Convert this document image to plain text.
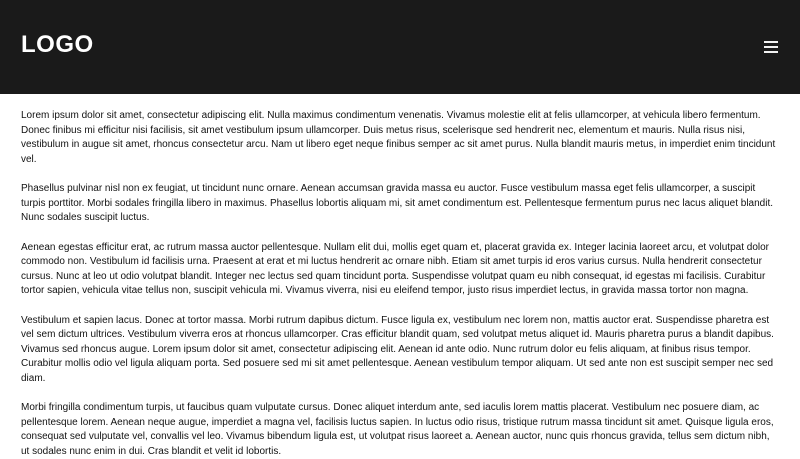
LOGO

Lorem ipsum dolor sit amet, consectetur adipiscing elit. Nulla maximus condimentum venenatis. Vivamus molestie elit at felis ullamcorper, at vehicula libero fermentum. Donec finibus mi efficitur nisi facilisis, sit amet vestibulum ipsum ullamcorper. Duis metus risus, scelerisque sed hendrerit nec, elementum et mauris. Nulla risus nisi, vestibulum in augue sit amet, rhoncus consectetur arcu. Nam ut libero eget neque finibus semper ac sit amet purus. Nulla blandit mauris metus, in imperdiet enim tincidunt vel.

Phasellus pulvinar nisl non ex feugiat, ut tincidunt nunc ornare. Aenean accumsan gravida massa eu auctor. Fusce vestibulum massa eget felis ullamcorper, a suscipit turpis porttitor. Morbi sodales fringilla libero in maximus. Phasellus lobortis aliquam mi, sit amet condimentum est. Pellentesque fermentum purus nec lacus aliquet blandit. Nunc sodales suscipit luctus.

Aenean egestas efficitur erat, ac rutrum massa auctor pellentesque. Nullam elit dui, mollis eget quam et, placerat gravida ex. Integer lacinia laoreet arcu, et volutpat dolor commodo non. Vestibulum id facilisis urna. Praesent at erat et mi luctus hendrerit ac ornare nibh. Etiam sit amet turpis id eros varius cursus. Nulla hendrerit consectetur cursus. Nunc at leo ut odio volutpat blandit. Integer nec lectus sed quam tincidunt porta. Suspendisse volutpat quam eu nibh consequat, id egestas mi facilisis. Curabitur tortor sapien, vehicula vitae tellus non, suscipit vehicula mi. Vivamus viverra, nisi eu eleifend tempor, justo risus imperdiet lectus, in gravida massa tortor non magna.

Vestibulum et sapien lacus. Donec at tortor massa. Morbi rutrum dapibus dictum. Fusce ligula ex, vestibulum nec lorem non, mattis auctor erat. Suspendisse pharetra est vel sem dictum ultrices. Vestibulum viverra eros at rhoncus ullamcorper. Cras efficitur blandit quam, sed volutpat metus aliquet id. Mauris pharetra purus a blandit dapibus. Vivamus sed rhoncus augue. Lorem ipsum dolor sit amet, consectetur adipiscing elit. Aenean id ante odio. Nunc rutrum dolor eu felis aliquam, at finibus risus tempor. Curabitur mollis odio vel ligula aliquam porta. Sed posuere sed mi sit amet pellentesque. Aenean vestibulum tempor aliquam. Ut sed ante non est suscipit semper nec sed diam.

Morbi fringilla condimentum turpis, ut faucibus quam vulputate cursus. Donec aliquet interdum ante, sed iaculis lorem mattis placerat. Vestibulum nec posuere diam, ac pellentesque lorem. Aenean neque augue, imperdiet a magna vel, facilisis luctus sapien. In luctus odio risus, tristique rutrum massa tincidunt sit amet. Quisque ligula eros, consequat sed vulputate vel, convallis vel leo. Vivamus bibendum ligula est, ut volutpat risus laoreet a. Aenean auctor, nunc quis rhoncus gravida, tellus sem dictum nibh, ut sodales nunc enim in dui. Cras blandit et velit id lobortis.
